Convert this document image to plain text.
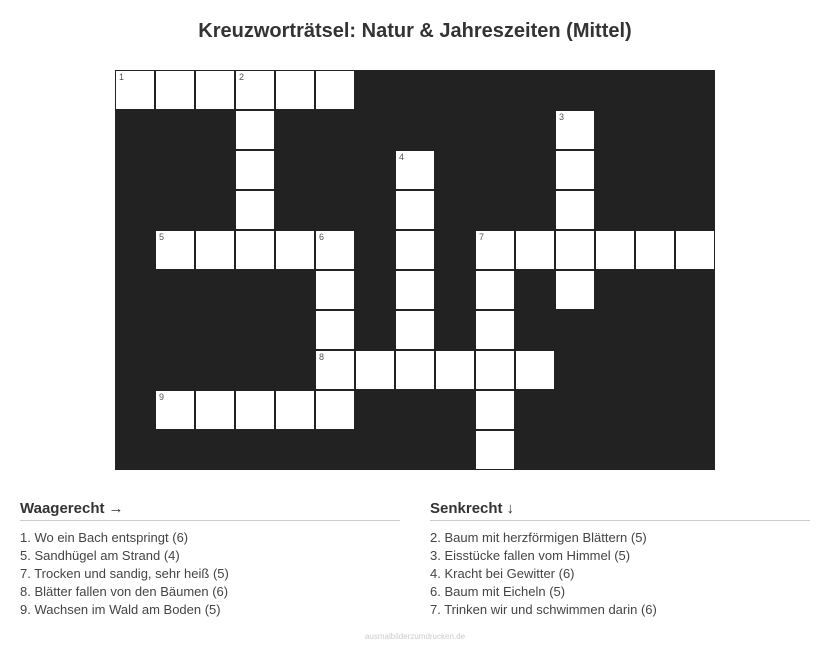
Kreuzworträtsel: Natur & Jahreszeiten (Mittel)
1	2
3
4
5	6
8
7
9
Waagerecht →
1. Wo ein Bach entspringt (6)
5. Sandhügel am Strand (4)
7. Trocken und sandig, sehr heiß (5)
8. Blätter fallen von den Bäumen (6)
9. Wachsen im Wald am Boden (5)
Senkrecht ↓
2. Baum mit herzförmigen Blättern (5)
3. Eisstücke fallen vom Himmel (5)
4. Kracht bei Gewitter (6)
6. Baum mit Eicheln (5)
7. Trinken wir und schwimmen darin (6)
ausmalbilderzumdrucken.de
